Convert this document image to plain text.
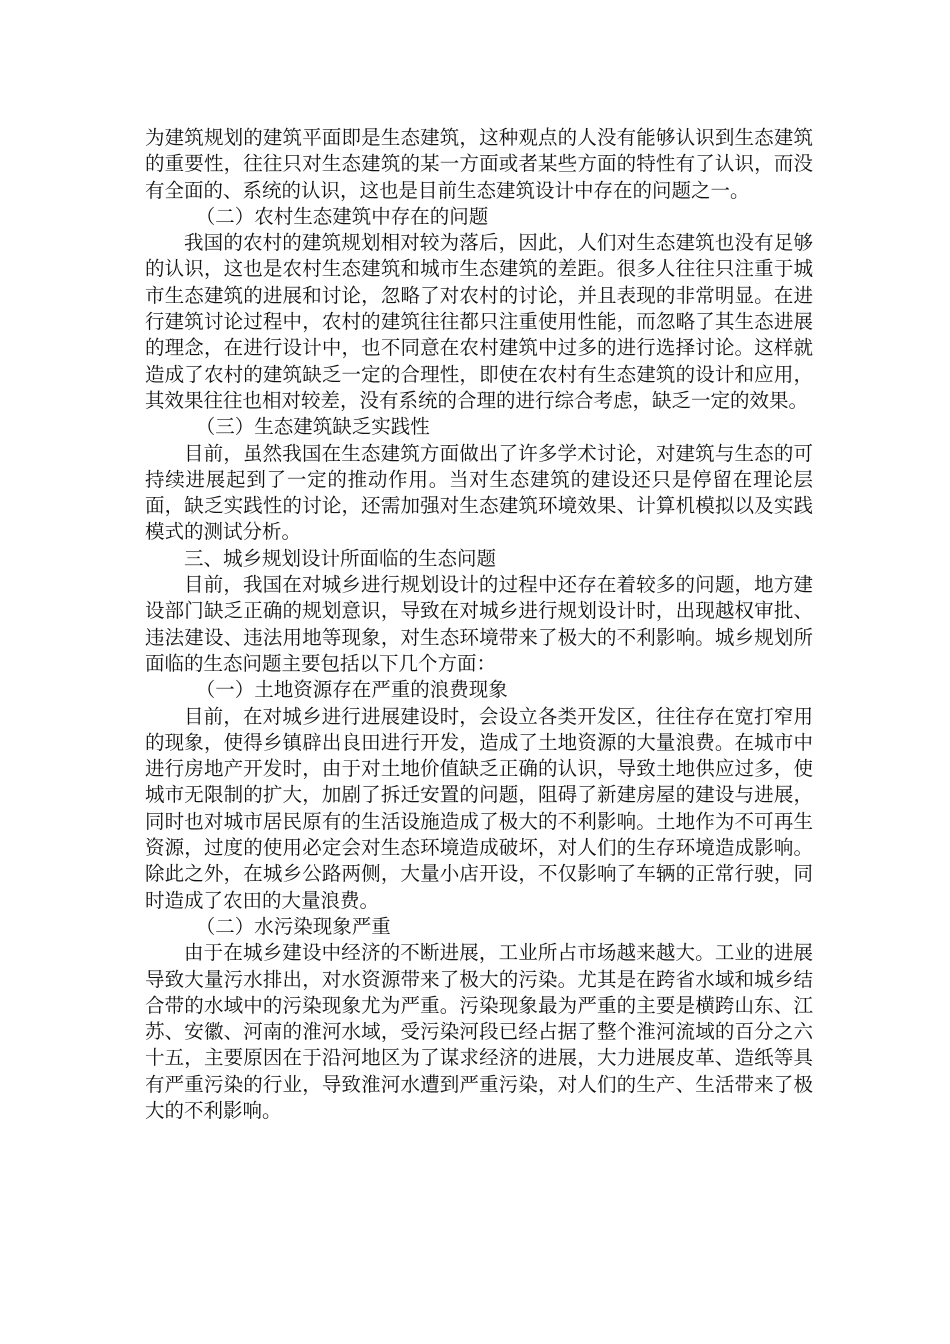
为建筑规划的建筑平面即是生态建筑，这种观点的人没有能够认识到生态建筑的重要性，往往只对生态建筑的某一方面或者某些方面的特性有了认识，而没有全面的、系统的认识，这也是目前生态建筑设计中存在的问题之一。

（二）农村生态建筑中存在的问题

我国的农村的建筑规划相对较为落后，因此，人们对生态建筑也没有足够的认识，这也是农村生态建筑和城市生态建筑的差距。很多人往往只注重于城市生态建筑的进展和讨论，忽略了对农村的讨论，并且表现的非常明显。在进行建筑讨论过程中，农村的建筑往往都只注重使用性能，而忽略了其生态进展的理念，在进行设计中，也不同意在农村建筑中过多的进行选择讨论。这样就造成了农村的建筑缺乏一定的合理性，即使在农村有生态建筑的设计和应用，其效果往往也相对较差，没有系统的合理的进行综合考虑，缺乏一定的效果。

（三）生态建筑缺乏实践性

目前，虽然我国在生态建筑方面做出了许多学术讨论，对建筑与生态的可持续进展起到了一定的推动作用。当对生态建筑的建设还只是停留在理论层面，缺乏实践性的讨论，还需加强对生态建筑环境效果、计算机模拟以及实践模式的测试分析。

三、城乡规划设计所面临的生态问题

目前，我国在对城乡进行规划设计的过程中还存在着较多的问题，地方建设部门缺乏正确的规划意识，导致在对城乡进行规划设计时，出现越权审批、违法建设、违法用地等现象，对生态环境带来了极大的不利影响。城乡规划所面临的生态问题主要包括以下几个方面：

（一）土地资源存在严重的浪费现象

目前，在对城乡进行进展建设时，会设立各类开发区，往往存在宽打窄用的现象，使得乡镇辟出良田进行开发，造成了土地资源的大量浪费。在城市中进行房地产开发时，由于对土地价值缺乏正确的认识，导致土地供应过多，使城市无限制的扩大，加剧了拆迁安置的问题，阻碍了新建房屋的建设与进展，同时也对城市居民原有的生活设施造成了极大的不利影响。土地作为不可再生资源，过度的使用必定会对生态环境造成破坏，对人们的生存环境造成影响。除此之外，在城乡公路两侧，大量小店开设，不仅影响了车辆的正常行驶，同时造成了农田的大量浪费。

（二）水污染现象严重

由于在城乡建设中经济的不断进展，工业所占市场越来越大。工业的进展导致大量污水排出，对水资源带来了极大的污染。尤其是在跨省水域和城乡结合带的水域中的污染现象尤为严重。污染现象最为严重的主要是横跨山东、江苏、安徽、河南的淮河水域，受污染河段已经占据了整个淮河流域的百分之六十五，主要原因在于沿河地区为了谋求经济的进展，大力进展皮革、造纸等具有严重污染的行业，导致淮河水遭到严重污染，对人们的生产、生活带来了极大的不利影响。
